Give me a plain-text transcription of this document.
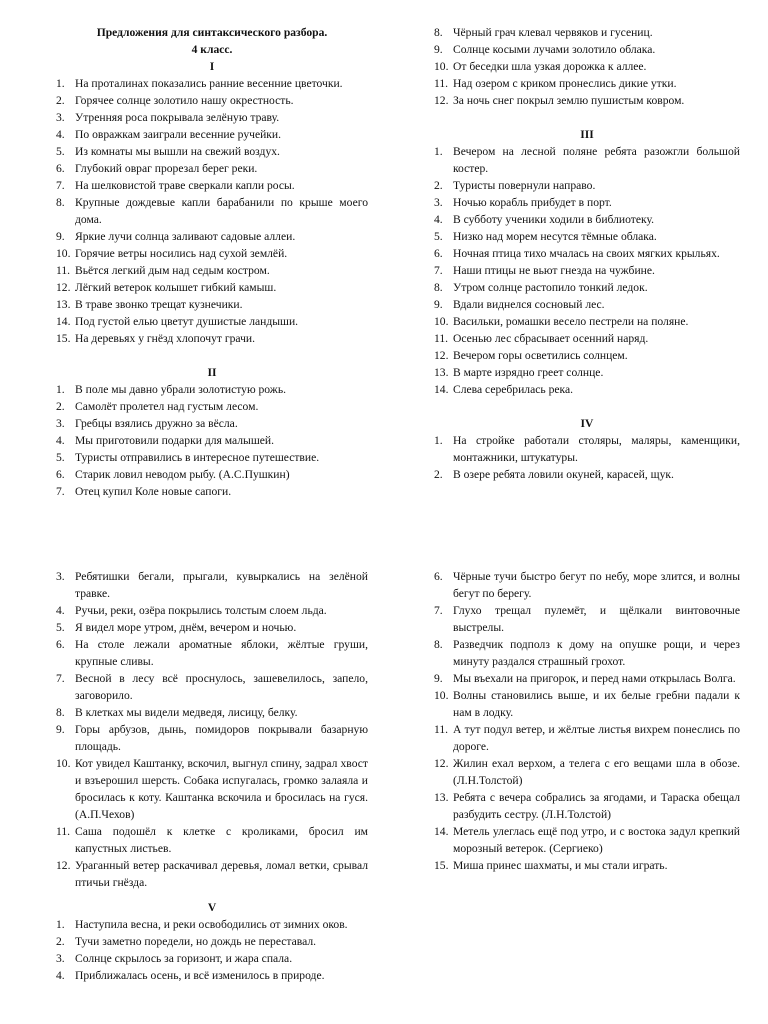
Предложения для синтаксического разбора.

4 класс.

I

1. На проталинах показались ранние весенние цветочки.
2. Горячее солнце золотило нашу окрестность.
3. Утренняя роса покрывала зелёную траву.
4. По овражкам заиграли весенние ручейки.
5. Из комнаты мы вышли на свежий воздух.
6. Глубокий овраг прорезал берег реки.
7. На шелковистой траве сверкали капли росы.
8. Крупные дождевые капли барабанили по крыше моего дома.
9. Яркие лучи солнца заливают садовые аллеи.
10. Горячие ветры носились над сухой землёй.
11. Вьётся легкий дым над седым костром.
12. Лёгкий ветерок колышет гибкий камыш.
13. В траве звонко трещат кузнечики.
14. Под густой елью цветут душистые ландыши.
15. На деревьях у гнёзд хлопочут грачи.

II

1. В поле мы давно убрали золотистую рожь.
2. Самолёт пролетел над густым лесом.
3. Гребцы взялись дружно за вёсла.
4. Мы приготовили подарки для малышей.
5. Туристы отправились в интересное путешествие.
6. Старик ловил неводом рыбу. (А.С.Пушкин)
7. Отец купил Коле новые сапоги.
8. Чёрный грач клевал червяков и гусениц.
9. Солнце косыми лучами золотило облака.
10. От беседки шла узкая дорожка к аллее.
11. Над озером с криком пронеслись дикие утки.
12. За ночь снег покрыл землю пушистым ковром.

III

1. Вечером на лесной поляне ребята разожгли большой костер.
2. Туристы повернули направо.
3. Ночью корабль прибудет в порт.
4. В субботу ученики ходили в библиотеку.
5. Низко над морем несутся тёмные облака.
6. Ночная птица тихо мчалась на своих мягких крыльях.
7. Наши птицы не вьют гнезда на чужбине.
8. Утром солнце растопило тонкий ледок.
9. Вдали виднелся сосновый лес.
10. Васильки, ромашки весело пестрели на поляне.
11. Осенью лес сбрасывает осенний наряд.
12. Вечером горы осветились солнцем.
13. В марте изрядно греет солнце.
14. Слева серебрилась река.

IV

1. На стройке работали столяры, маляры, каменщики, монтажники, штукатуры.
2. В озере ребята ловили окуней, карасей, щук.
3. Ребятишки бегали, прыгали, кувыркались на зелёной травке.
4. Ручьи, реки, озёра покрылись толстым слоем льда.
5. Я видел море утром, днём, вечером и ночью.
6. На столе лежали ароматные яблоки, жёлтые груши, крупные сливы.
7. Весной в лесу всё проснулось, зашевелилось, запело, заговорило.
8. В клетках мы видели медведя, лисицу, белку.
9. Горы арбузов, дынь, помидоров покрывали базарную площадь.
10. Кот увидел Каштанку, вскочил, выгнул спину, задрал хвост и взъерошил шерсть. Собака испугалась, громко залаяла и бросилась к коту. Каштанка вскочила и бросилась на гуся. (А.П.Чехов)
11. Саша подошёл к клетке с кроликами, бросил им капустных листьев.
12. Ураганный ветер раскачивал деревья, ломал ветки, срывал птичьи гнёзда.

V

1. Наступила весна, и реки освободились от зимних оков.
2. Тучи заметно поредели, но дождь не переставал.
3. Солнце скрылось за горизонт, и жара спала.
4. Приближалась осень, и всё изменилось в природе.
6. Чёрные тучи быстро бегут по небу, море злится, и волны бегут по берегу.
7. Глухо трещал пулемёт, и щёлкали винтовочные выстрелы.
8. Разведчик подполз к дому на опушке рощи, и через минуту раздался страшный грохот.
9. Мы въехали на пригорок, и перед нами открылась Волга.
10. Волны становились выше, и их белые гребни падали к нам в лодку.
11. А тут подул ветер, и жёлтые листья вихрем понеслись по дороге.
12. Жилин ехал верхом, а телега с его вещами шла в обозе. (Л.Н.Толстой)
13. Ребята с вечера собрались за ягодами, и Тараска обещал разбудить сестру. (Л.Н.Толстой)
14. Метель улеглась ещё под утро, и с востока задул крепкий морозный ветерок. (Сергиеко)
15. Миша принес шахматы, и мы стали играть.
